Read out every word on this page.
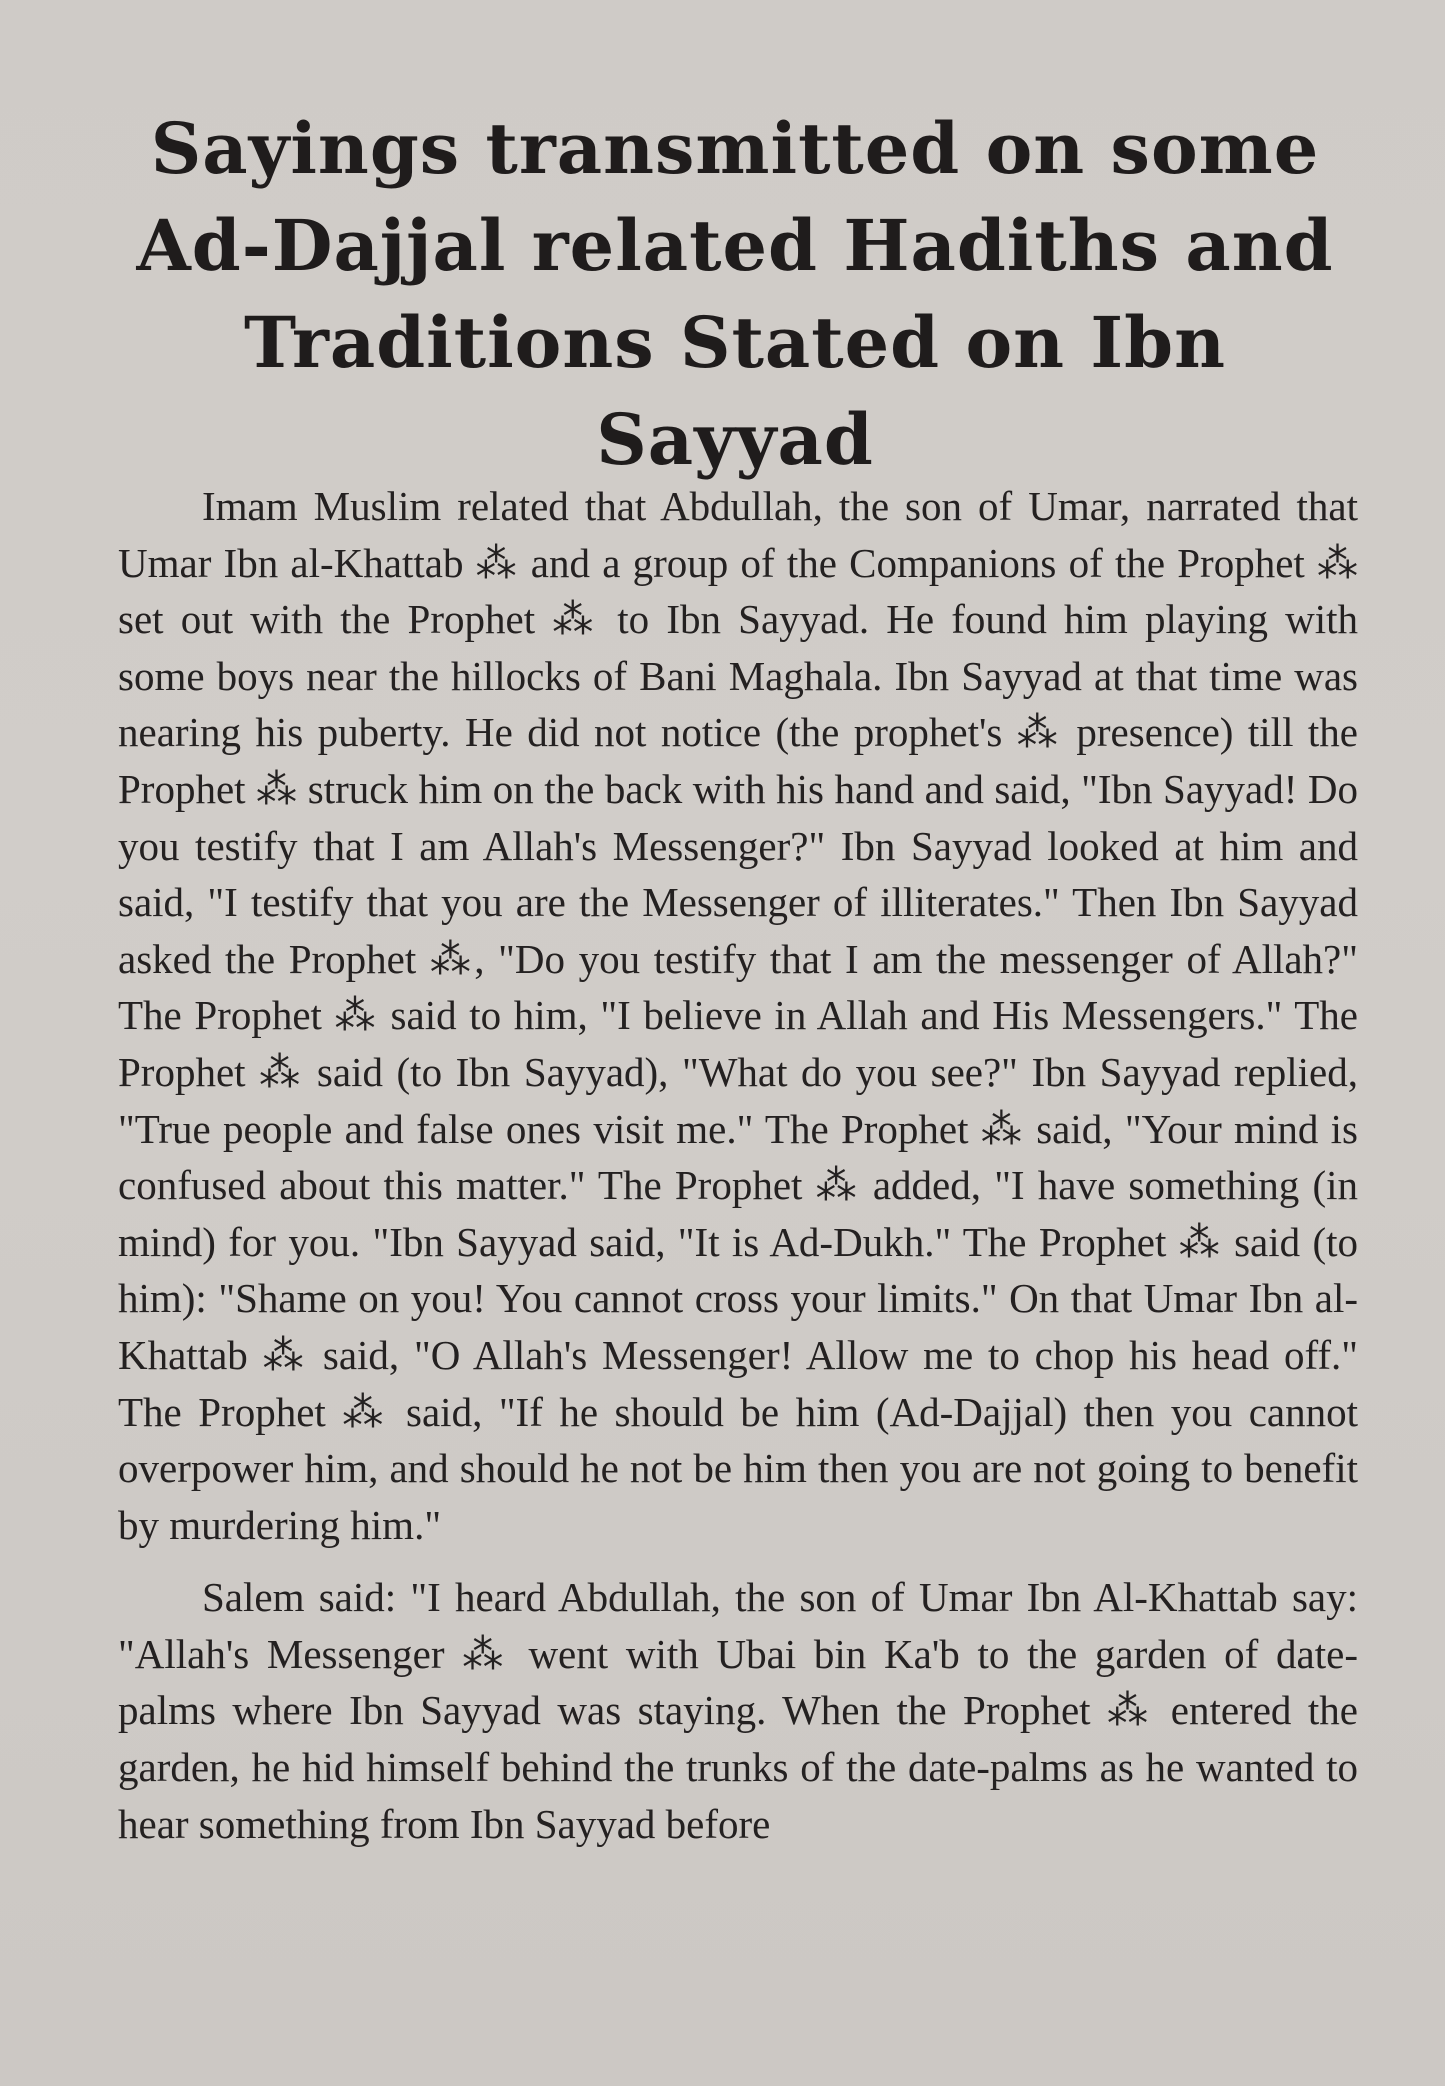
Sayings transmitted on some Ad-Dajjal related Hadiths and Traditions Stated on Ibn Sayyad

Imam Muslim related that Abdullah, the son of Umar, narrated that Umar Ibn al-Khattab ⁂ and a group of the Companions of the Prophet ⁂ set out with the Prophet ⁂ to Ibn Sayyad. He found him playing with some boys near the hillocks of Bani Maghala. Ibn Sayyad at that time was nearing his puberty. He did not notice (the prophet's ⁂ presence) till the Prophet ⁂ struck him on the back with his hand and said, "Ibn Sayyad! Do you testify that I am Allah's Messenger?" Ibn Sayyad looked at him and said, "I testify that you are the Messenger of illiterates." Then Ibn Sayyad asked the Prophet ⁂, "Do you testify that I am the messenger of Allah?" The Prophet ⁂ said to him, "I believe in Allah and His Messengers." The Prophet ⁂ said (to Ibn Sayyad), "What do you see?" Ibn Sayyad replied, "True people and false ones visit me." The Prophet ⁂ said, "Your mind is confused about this matter." The Prophet ⁂ added, "I have something (in mind) for you. "Ibn Sayyad said, "It is Ad-Dukh." The Prophet ⁂ said (to him): "Shame on you! You cannot cross your limits." On that Umar Ibn al-Khattab ⁂ said, "O Allah's Messenger! Allow me to chop his head off." The Prophet ⁂ said, "If he should be him (Ad-Dajjal) then you cannot overpower him, and should he not be him then you are not going to benefit by murdering him."

Salem said: "I heard Abdullah, the son of Umar Ibn Al-Khattab say: "Allah's Messenger ⁂ went with Ubai bin Ka'b to the garden of date-palms where Ibn Sayyad was staying. When the Prophet ⁂ entered the garden, he hid himself behind the trunks of the date-palms as he wanted to hear something from Ibn Sayyad before
